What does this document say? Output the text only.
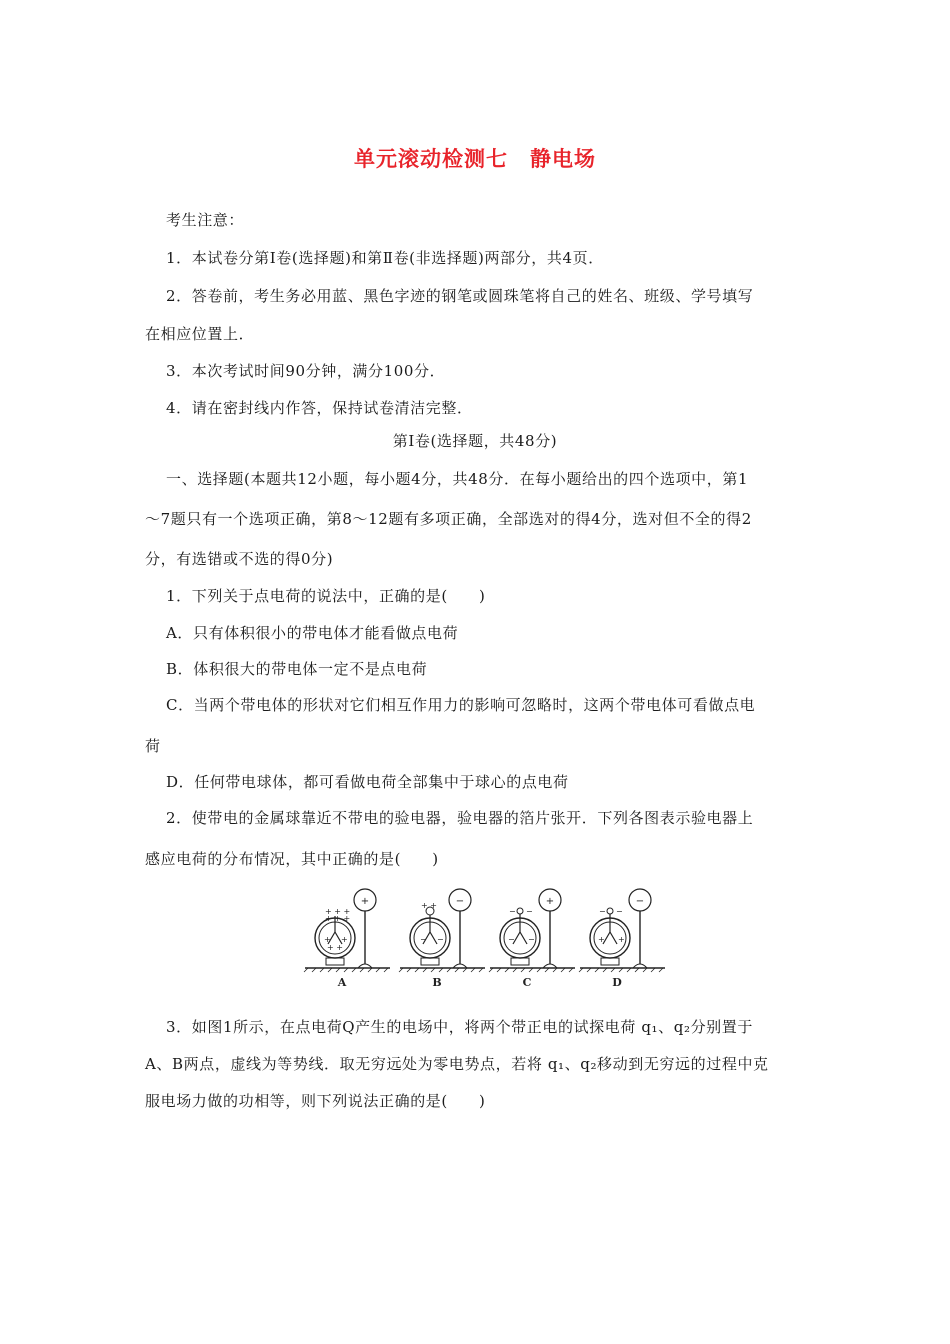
单元滚动检测七　静电场
考生注意：
1．本试卷分第Ⅰ卷(选择题)和第Ⅱ卷(非选择题)两部分，共4页．
2．答卷前，考生务必用蓝、黑色字迹的钢笔或圆珠笔将自己的姓名、班级、学号填写
在相应位置上．
3．本次考试时间90分钟，满分100分．
4．请在密封线内作答，保持试卷清洁完整．
第Ⅰ卷(选择题，共48分)
一、选择题(本题共12小题，每小题4分，共48分．在每小题给出的四个选项中，第1
～7题只有一个选项正确，第8～12题有多项正确，全部选对的得4分，选对但不全的得2
分，有选错或不选的得0分)
1．下列关于点电荷的说法中，正确的是(　　)
A．只有体积很小的带电体才能看做点电荷
B．体积很大的带电体一定不是点电荷
C．当两个带电体的形状对它们相互作用力的影响可忽略时，这两个带电体可看做点电
荷
D．任何带电球体，都可看做电荷全部集中于球心的点电荷
2．使带电的金属球靠近不带电的验电器，验电器的箔片张开．下列各图表示验电器上
感应电荷的分布情况，其中正确的是(　　)
+ + +
+ + +
+ +
+ +
+
A
+ +
− −
−
B
− −
− −
+
C
− −
+ +
−
D
3．如图1所示，在点电荷Q产生的电场中，将两个带正电的试探电荷 q₁、q₂分别置于
A、B两点，虚线为等势线．取无穷远处为零电势点，若将 q₁、q₂移动到无穷远的过程中克
服电场力做的功相等，则下列说法正确的是(　　)
